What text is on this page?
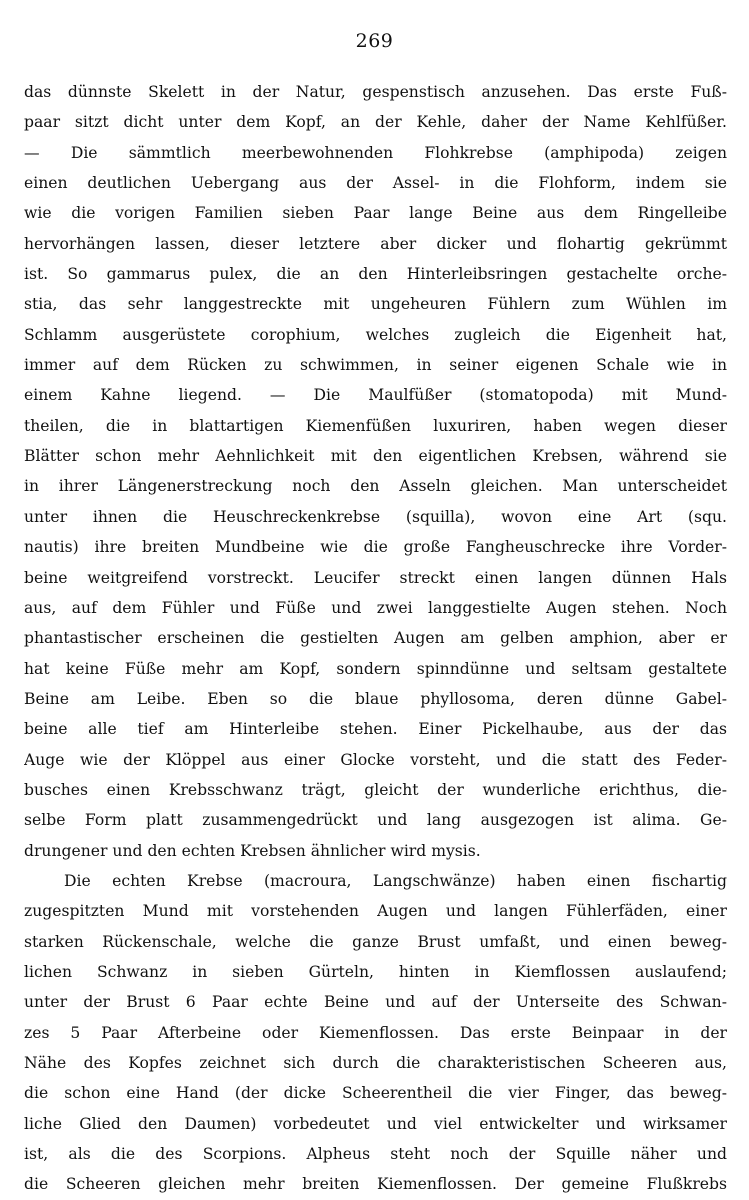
269
das dünnste Skelett in der Natur, gespenstisch anzusehen. Das erste Fuß-
paar sitzt dicht unter dem Kopf, an der Kehle, daher der Name Kehlfüßer.
— Die sämmtlich meerbewohnenden Flohkrebse (amphipoda) zeigen
einen deutlichen Uebergang aus der Assel- in die Flohform, indem sie
wie die vorigen Familien sieben Paar lange Beine aus dem Ringelleibe
hervorhängen lassen, dieser letztere aber dicker und flohartig gekrümmt
ist. So gammarus pulex, die an den Hinterleibsringen gestachelte orche-
stia, das sehr langgestreckte mit ungeheuren Fühlern zum Wühlen im
Schlamm ausgerüstete corophium, welches zugleich die Eigenheit hat,
immer auf dem Rücken zu schwimmen, in seiner eigenen Schale wie in
einem Kahne liegend. — Die Maulfüßer (stomatopoda) mit Mund-
theilen, die in blattartigen Kiemenfüßen luxuriren, haben wegen dieser
Blätter schon mehr Aehnlichkeit mit den eigentlichen Krebsen, während sie
in ihrer Längenerstreckung noch den Asseln gleichen. Man unterscheidet
unter ihnen die Heuschreckenkrebse (squilla), wovon eine Art (squ.
nautis) ihre breiten Mundbeine wie die große Fangheuschrecke ihre Vorder-
beine weitgreifend vorstreckt. Leucifer streckt einen langen dünnen Hals
aus, auf dem Fühler und Füße und zwei langgestielte Augen stehen. Noch
phantastischer erscheinen die gestielten Augen am gelben amphion, aber er
hat keine Füße mehr am Kopf, sondern spinndünne und seltsam gestaltete
Beine am Leibe. Eben so die blaue phyllosoma, deren dünne Gabel-
beine alle tief am Hinterleibe stehen. Einer Pickelhaube, aus der das
Auge wie der Klöppel aus einer Glocke vorsteht, und die statt des Feder-
busches einen Krebsschwanz trägt, gleicht der wunderliche erichthus, die-
selbe Form platt zusammengedrückt und lang ausgezogen ist alima. Ge-
drungener und den echten Krebsen ähnlicher wird mysis.
Die echten Krebse (macroura, Langschwänze) haben einen fischartig
zugespitzten Mund mit vorstehenden Augen und langen Fühlerfäden, einer
starken Rückenschale, welche die ganze Brust umfaßt, und einen beweg-
lichen Schwanz in sieben Gürteln, hinten in Kiemflossen auslaufend;
unter der Brust 6 Paar echte Beine und auf der Unterseite des Schwan-
zes 5 Paar Afterbeine oder Kiemenflossen. Das erste Beinpaar in der
Nähe des Kopfes zeichnet sich durch die charakteristischen Scheeren aus,
die schon eine Hand (der dicke Scheerentheil die vier Finger, das beweg-
liche Glied den Daumen) vorbedeutet und viel entwickelter und wirksamer
ist, als die des Scorpions. Alpheus steht noch der Squille näher und
die Scheeren gleichen mehr breiten Kiemenflossen. Der gemeine Flußkrebs
